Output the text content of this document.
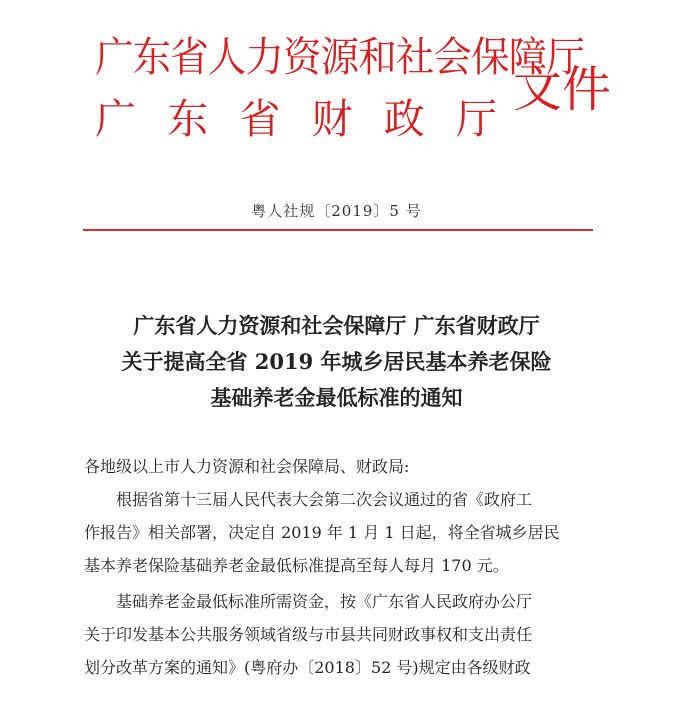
广东省人力资源和社会保障厅
广 东 省 财 政 厅
文件
粤人社规〔2019〕5 号
广东省人力资源和社会保障厅 广东省财政厅
关于提高全省 2019 年城乡居民基本养老保险
基础养老金最低标准的通知

各地级以上市人力资源和社会保障局、财政局:

根据省第十三届人民代表大会第二次会议通过的省《政府工

作报告》相关部署，决定自 2019 年 1 月 1 日起，将全省城乡居民

基本养老保险基础养老金最低标准提高至每人每月 170 元。

基础养老金最低标准所需资金，按《广东省人民政府办公厅

关于印发基本公共服务领域省级与市县共同财政事权和支出责任

划分改革方案的通知》(粤府办〔2018〕52 号)规定由各级财政
